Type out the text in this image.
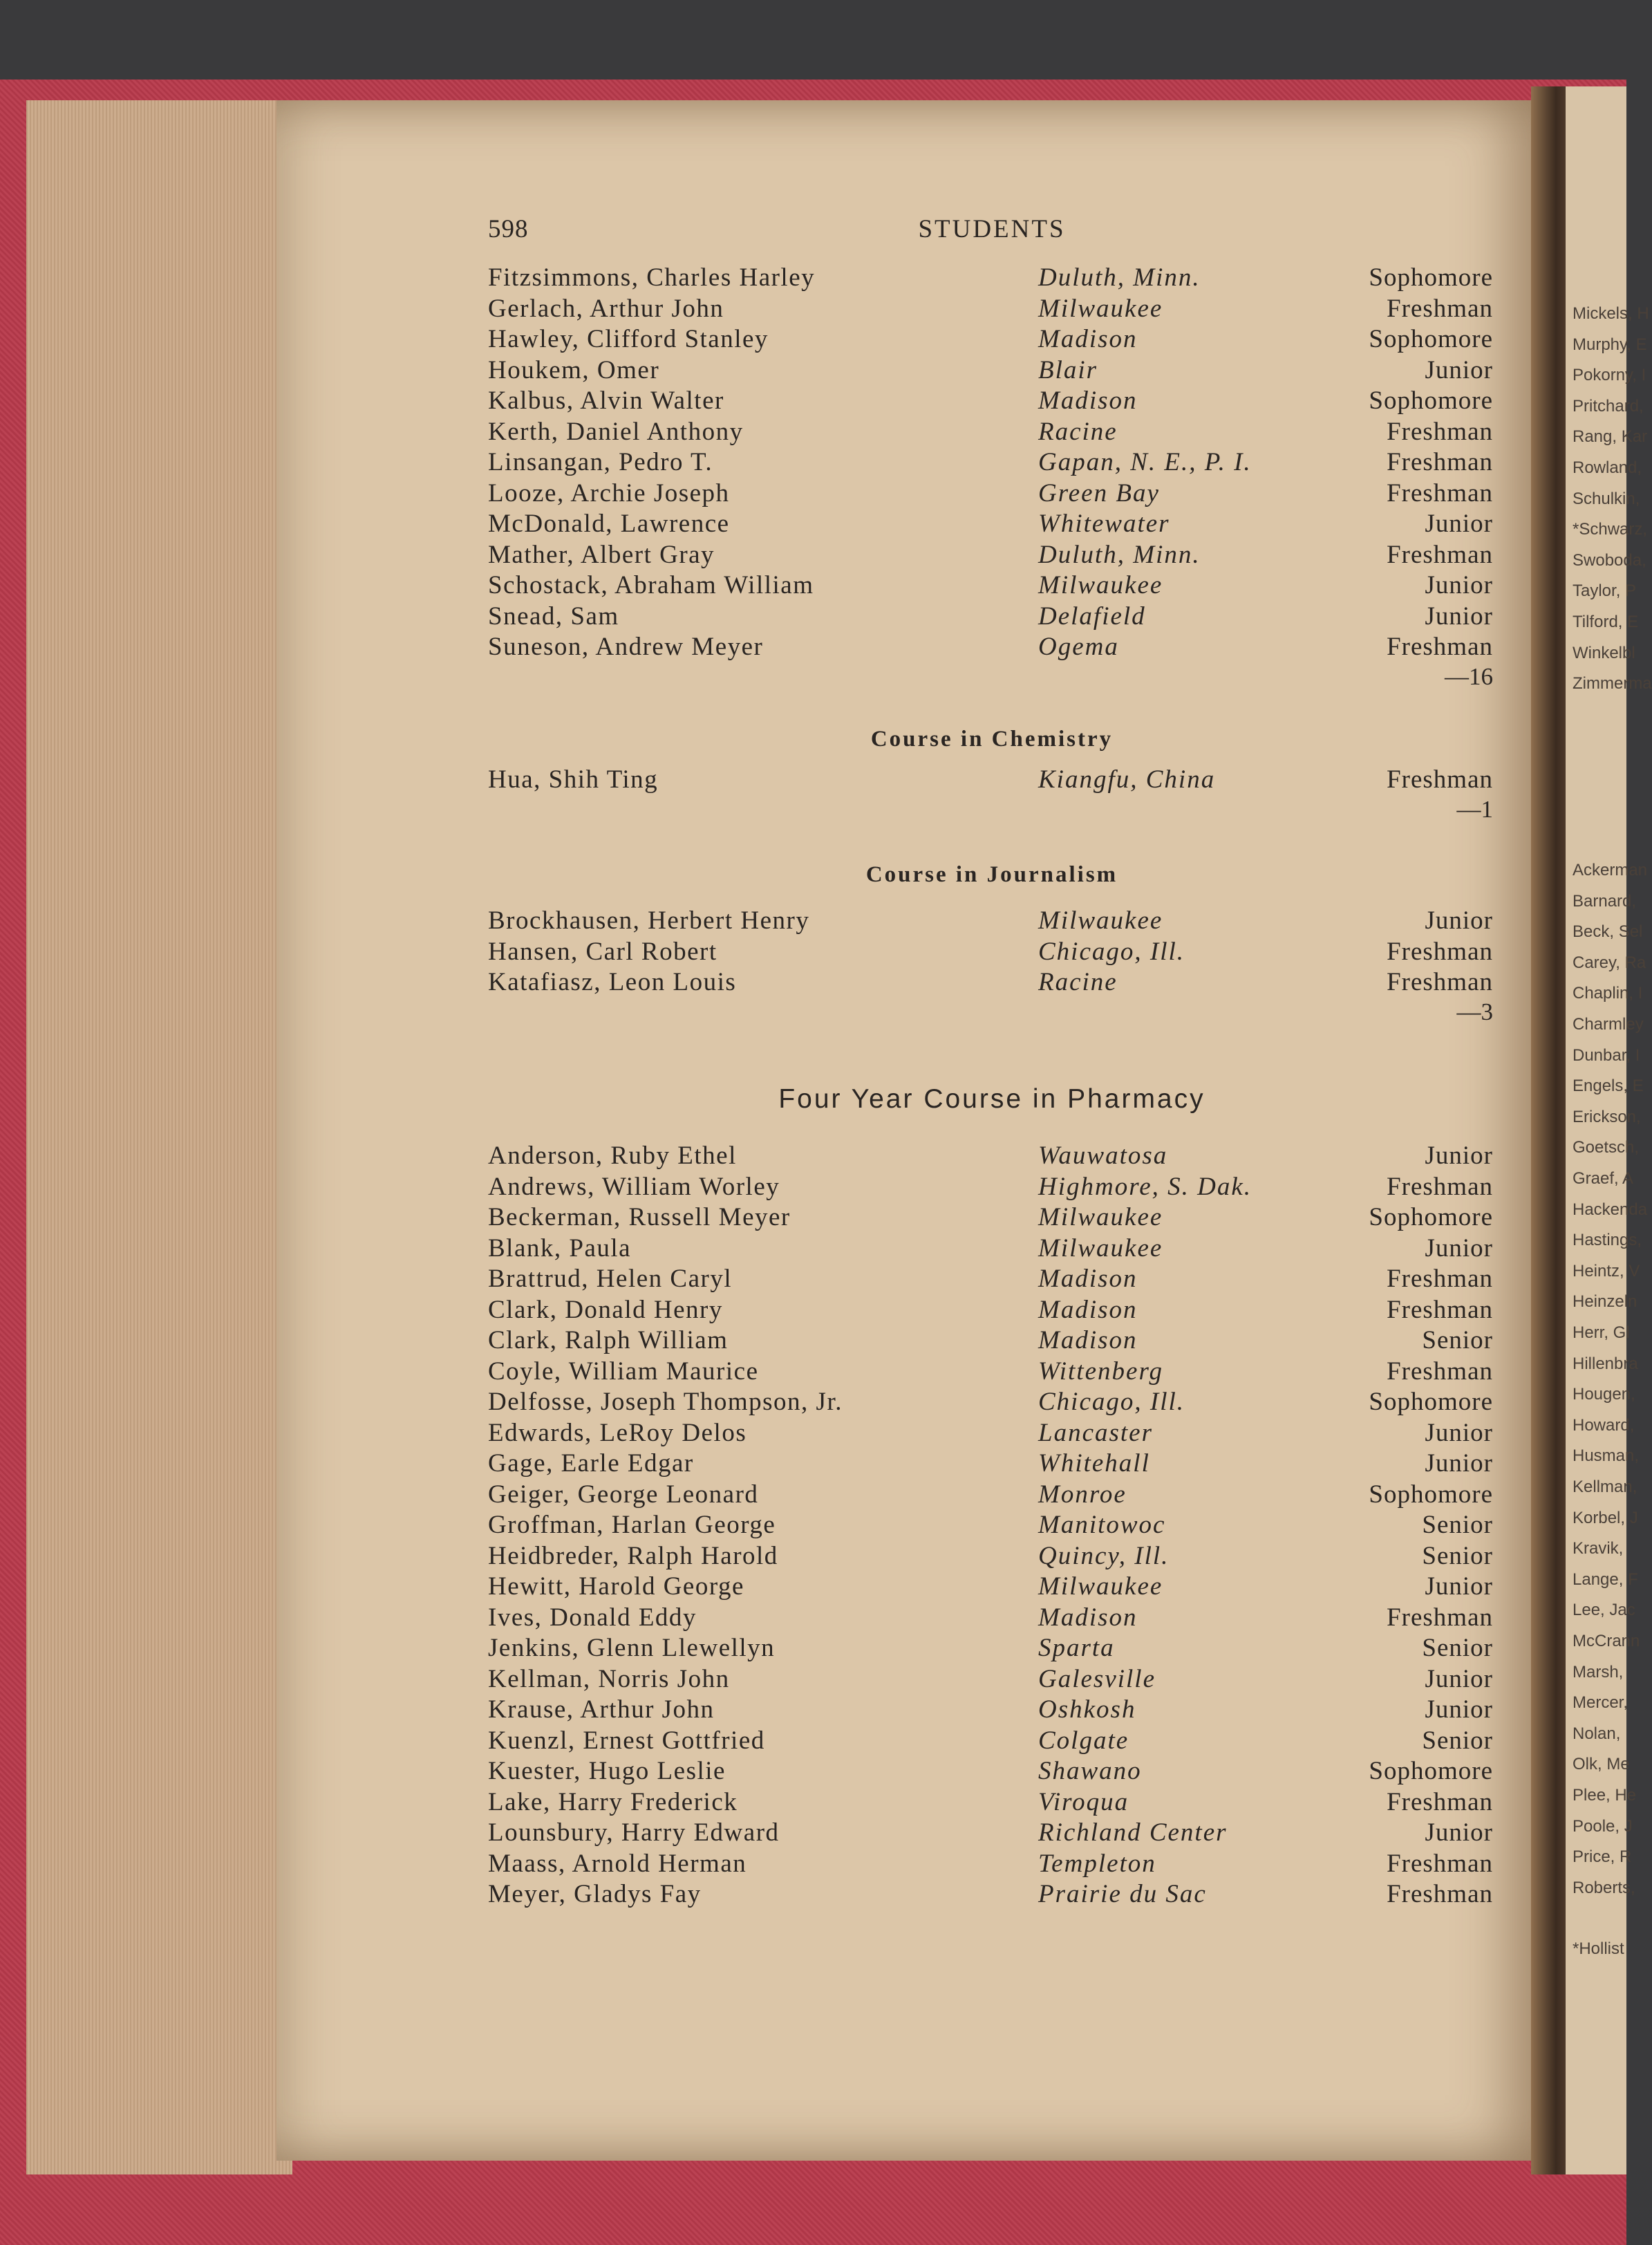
Mickels, H
Murphy, E
Pokorny, I
Pritchard,
Rang, Kar
Rowland,
Schulkin,
*Schwarz,
Swoboda,
Taylor, P
Tilford, E
Winkelbl
Zimmerma
Ackerman
Barnard,
Beck, Sel
Carey, Ra
Chaplin, I
Charmley
Dunbar, I
Engels, E
Erickson,
Goetsch,
Graef, A
Hackenda
Hastings,
Heintz, V
Heinzeln
Herr, Gl
Hillenbra
Hougen,
Howard,
Husman,
Kellman,
Korbel, J
Kravik,
Lange, F
Lee, Jac
McCrann
Marsh,
Mercer,
Nolan,
Olk, Me
Plee, He
Poole, J
Price, R
Roberts,
*Hollist
598	STUDENTS
Fitzsimmons, Charles Harley	Duluth, Minn.	Sophomore
Gerlach, Arthur John	Milwaukee	Freshman
Hawley, Clifford Stanley	Madison	Sophomore
Houkem, Omer	Blair	Junior
Kalbus, Alvin Walter	Madison	Sophomore
Kerth, Daniel Anthony	Racine	Freshman
Linsangan, Pedro T.	Gapan, N. E., P. I.	Freshman
Looze, Archie Joseph	Green Bay	Freshman
McDonald, Lawrence	Whitewater	Junior
Mather, Albert Gray	Duluth, Minn.	Freshman
Schostack, Abraham William	Milwaukee	Junior
Snead, Sam	Delafield	Junior
Suneson, Andrew Meyer	Ogema	Freshman
—16
Course in Chemistry
Hua, Shih Ting	Kiangfu, China	Freshman
—1
Course in Journalism
Brockhausen, Herbert Henry	Milwaukee	Junior
Hansen, Carl Robert	Chicago, Ill.	Freshman
Katafiasz, Leon Louis	Racine	Freshman
—3
Four Year Course in Pharmacy
Anderson, Ruby Ethel	Wauwatosa	Junior
Andrews, William Worley	Highmore, S. Dak.	Freshman
Beckerman, Russell Meyer	Milwaukee	Sophomore
Blank, Paula	Milwaukee	Junior
Brattrud, Helen Caryl	Madison	Freshman
Clark, Donald Henry	Madison	Freshman
Clark, Ralph William	Madison	Senior
Coyle, William Maurice	Wittenberg	Freshman
Delfosse, Joseph Thompson, Jr.	Chicago, Ill.	Sophomore
Edwards, LeRoy Delos	Lancaster	Junior
Gage, Earle Edgar	Whitehall	Junior
Geiger, George Leonard	Monroe	Sophomore
Groffman, Harlan George	Manitowoc	Senior
Heidbreder, Ralph Harold	Quincy, Ill.	Senior
Hewitt, Harold George	Milwaukee	Junior
Ives, Donald Eddy	Madison	Freshman
Jenkins, Glenn Llewellyn	Sparta	Senior
Kellman, Norris John	Galesville	Junior
Krause, Arthur John	Oshkosh	Junior
Kuenzl, Ernest Gottfried	Colgate	Senior
Kuester, Hugo Leslie	Shawano	Sophomore
Lake, Harry Frederick	Viroqua	Freshman
Lounsbury, Harry Edward	Richland Center	Junior
Maass, Arnold Herman	Templeton	Freshman
Meyer, Gladys Fay	Prairie du Sac	Freshman
